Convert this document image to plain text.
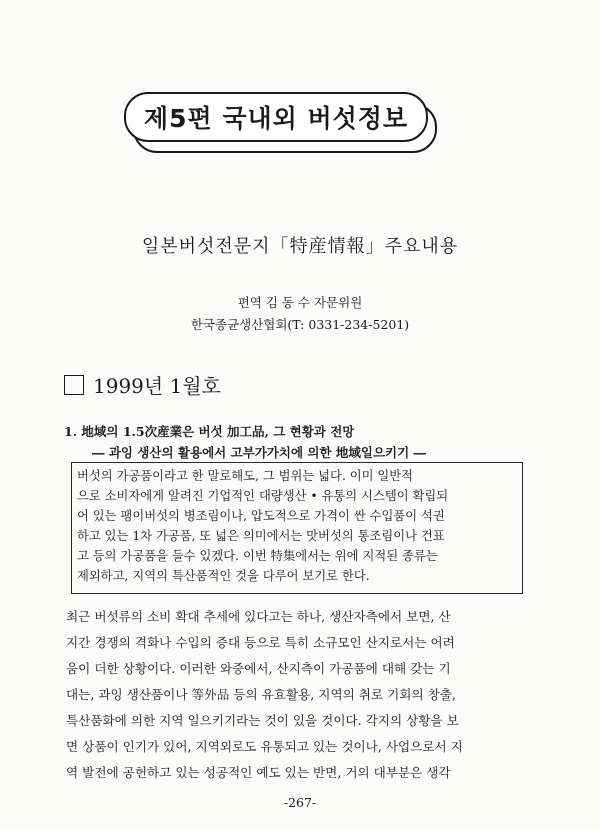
제5편 국내외 버섯정보
일본버섯전문지「特産情報」주요내용
편역 김 동 수 자문위원
한국종균생산협회(T: 0331-234-5201)
1999년 1월호
1. 地域의 1.5次産業은 버섯 加工品, 그 현황과 전망
― 과잉 생산의 활용에서 고부가가치에 의한 地域일으키기 ―
버섯의 가공품이라고 한 말로해도, 그 범위는 넓다. 이미 일반적
으로 소비자에게 알려진 기업적인 대량생산 • 유통의 시스템이 확립되
어 있는 팽이버섯의 병조림이나, 압도적으로 가격이 싼 수입품이 석권
하고 있는 1차 가공품, 또 넓은 의미에서는 맛버섯의 통조림이나 건표
고 등의 가공품을 들수 있겠다. 이번 特集에서는 위에 지적된 종류는
제외하고, 지역의 특산품적인 것을 다루어 보기로 한다.
최근 버섯류의 소비 확대 추세에 있다고는 하나, 생산자측에서 보면, 산
지간 경쟁의 격화나 수입의 증대 등으로 특히 소규모인 산지로서는 어려
움이 더한 상황이다. 이러한 와중에서, 산지측이 가공품에 대해 갖는 기
대는, 과잉 생산품이나 等外品 등의 유효활용, 지역의 취로 기회의 창출,
특산품화에 의한 지역 일으키기라는 것이 있을 것이다. 각지의 상황을 보
면 상품이 인기가 있어, 지역외로도 유통되고 있는 것이나, 사업으로서 지
역 발전에 공헌하고 있는 성공적인 예도 있는 반면, 거의 대부분은 생각
-267-
